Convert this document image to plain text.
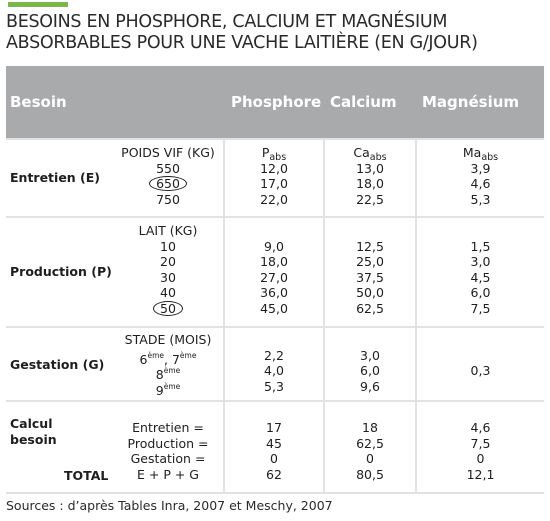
BESOINS EN PHOSPHORE, CALCIUM ET MAGNÉSIUM
ABSORBABLES POUR UNE VACHE LAITIÈRE (EN G/JOUR)
Besoin	Phosphore Calcium Magnésium
Entretien (E)
POIDS VIF (KG)
550
650
750
$P_{abs}$
12,0
17,0
22,0
$Ca_{abs}$
13,0
18,0
22,5
$Ma_{abs}$
3,9
4,6
5,3
Production (P)
LAIT (KG)
10
20
30
40
50
9,0
18,0
27,0
36,0
45,0
12,5
25,0
37,5
50,0
62,5
1,5
3,0
4,5
6,0
7,5
Gestation (G)
STADE (MOIS)
6ème, 7ème
8ème
9ème
2,2
4,0
5,3
3,0
6,0
9,6
0,3
Calcul
besoin
TOTAL
Entretien =
Production =
Gestation =
E + P + G
17
45
0
62
18
62,5
0
80,5
4,6
7,5
0
12,1
Sources : d’après Tables Inra, 2007 et Meschy, 2007
